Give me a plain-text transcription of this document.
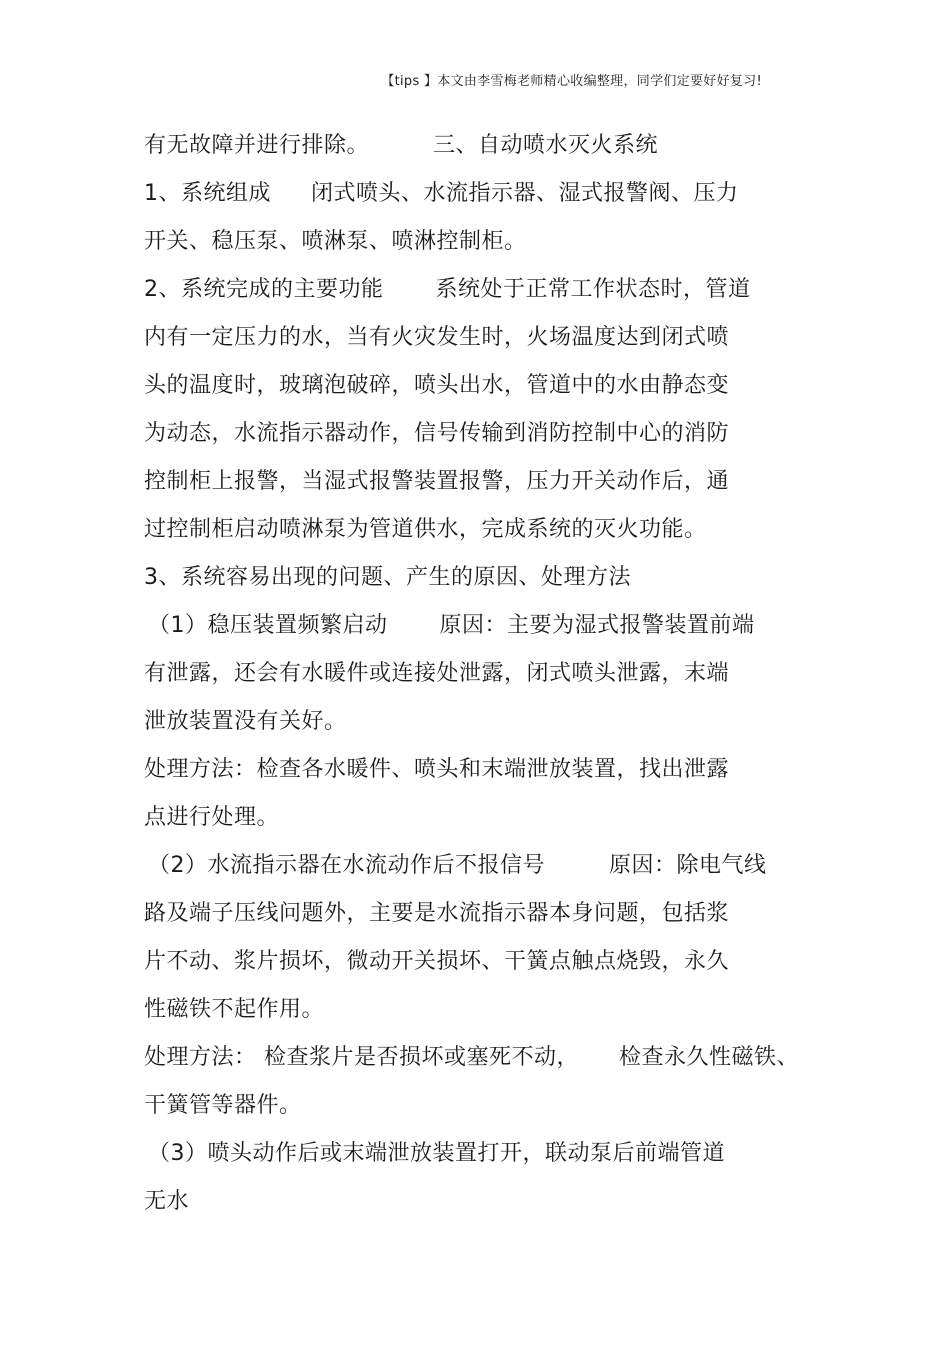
【tips 】本文由李雪梅老师精心收编整理，同学们定要好好复习!
有无故障并进行排除。	三、自动喷水灭火系统
1、系统组成 闭式喷头、水流指示器、湿式报警阀、压力
开关、稳压泵、喷淋泵、喷淋控制柜。
2、系统完成的主要功能 系统处于正常工作状态时，管道
内有一定压力的水，当有火灾发生时，火场温度达到闭式喷
头的温度时，玻璃泡破碎，喷头出水，管道中的水由静态变
为动态，水流指示器动作，信号传输到消防控制中心的消防
控制柜上报警，当湿式报警装置报警，压力开关动作后，通
过控制柜启动喷淋泵为管道供水，完成系统的灭火功能。
3、系统容易出现的问题、产生的原因、处理方法
（1）稳压装置频繁启动 原因：主要为湿式报警装置前端
有泄露，还会有水暖件或连接处泄露，闭式喷头泄露，末端
泄放装置没有关好。
处理方法：检查各水暖件、喷头和末端泄放装置，找出泄露
点进行处理。
（2）水流指示器在水流动作后不报信号	原因：除电气线
路及端子压线问题外，主要是水流指示器本身问题，包括浆
片不动、浆片损坏，微动开关损坏、干簧点触点烧毁，永久
性磁铁不起作用。
处理方法： 检查浆片是否损坏或塞死不动， 检查永久性磁铁、
干簧管等器件。
（3）喷头动作后或末端泄放装置打开，联动泵后前端管道
无水
